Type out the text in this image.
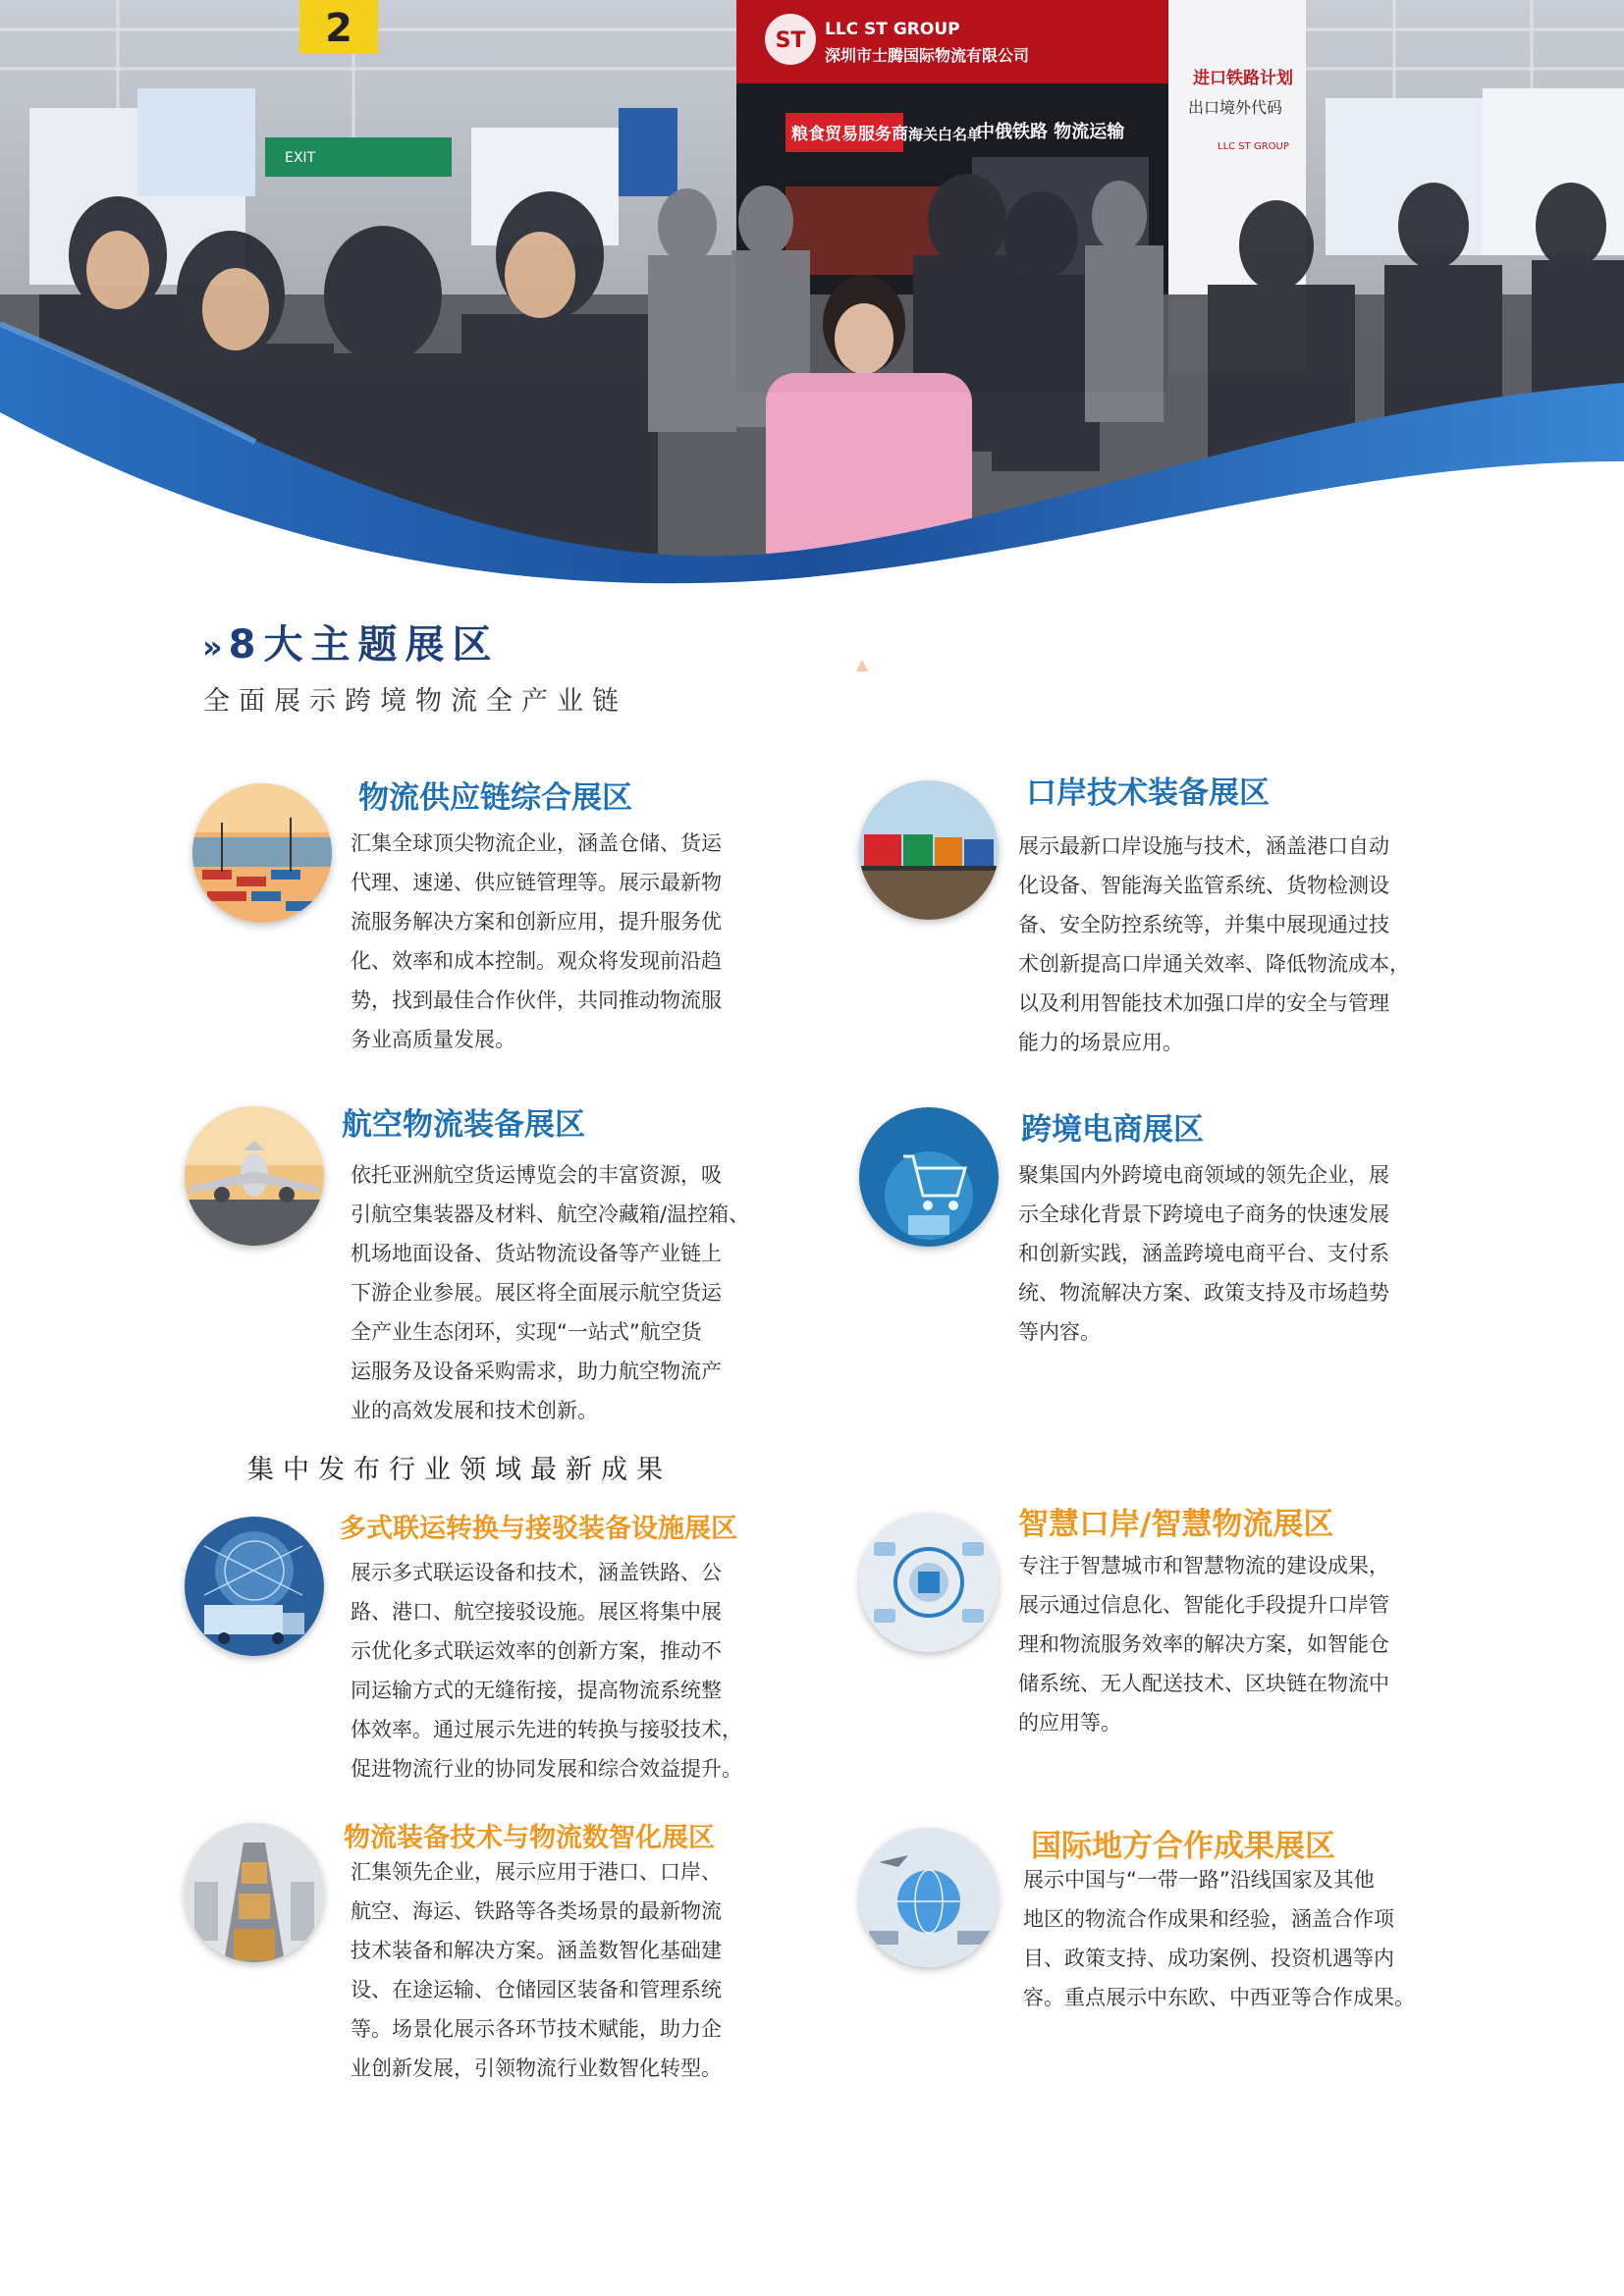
2
EXIT
ST LLC ST GROUP
深圳市士腾国际物流有限公司
粮食贸易服务商 海关白名单
中俄铁路 物流运输
进口铁路计划
出口境外代码
LLC ST GROUP
» 8大主题展区
全面展示跨境物流全产业链
物流供应链综合展区
汇集全球顶尖物流企业，涵盖仓储、货运
代理、速递、供应链管理等。展示最新物
流服务解决方案和创新应用，提升服务优
化、效率和成本控制。观众将发现前沿趋
势，找到最佳合作伙伴，共同推动物流服
务业高质量发展。
口岸技术装备展区
展示最新口岸设施与技术，涵盖港口自动
化设备、智能海关监管系统、货物检测设
备、安全防控系统等，并集中展现通过技
术创新提高口岸通关效率、降低物流成本，
以及利用智能技术加强口岸的安全与管理
能力的场景应用。
航空物流装备展区
依托亚洲航空货运博览会的丰富资源，吸
引航空集装器及材料、航空冷藏箱/温控箱、
机场地面设备、货站物流设备等产业链上
下游企业参展。展区将全面展示航空货运
全产业生态闭环，实现“一站式”航空货
运服务及设备采购需求，助力航空物流产
业的高效发展和技术创新。
跨境电商展区
聚集国内外跨境电商领域的领先企业，展
示全球化背景下跨境电子商务的快速发展
和创新实践，涵盖跨境电商平台、支付系
统、物流解决方案、政策支持及市场趋势
等内容。
集中发布行业领域最新成果
多式联运转换与接驳装备设施展区
展示多式联运设备和技术，涵盖铁路、公
路、港口、航空接驳设施。展区将集中展
示优化多式联运效率的创新方案，推动不
同运输方式的无缝衔接，提高物流系统整
体效率。通过展示先进的转换与接驳技术，
促进物流行业的协同发展和综合效益提升。
智慧口岸/智慧物流展区
专注于智慧城市和智慧物流的建设成果，
展示通过信息化、智能化手段提升口岸管
理和物流服务效率的解决方案，如智能仓
储系统、无人配送技术、区块链在物流中
的应用等。
物流装备技术与物流数智化展区
汇集领先企业，展示应用于港口、口岸、
航空、海运、铁路等各类场景的最新物流
技术装备和解决方案。涵盖数智化基础建
设、在途运输、仓储园区装备和管理系统
等。场景化展示各环节技术赋能，助力企
业创新发展，引领物流行业数智化转型。
国际地方合作成果展区
展示中国与“一带一路”沿线国家及其他
地区的物流合作成果和经验，涵盖合作项
目、政策支持、成功案例、投资机遇等内
容。重点展示中东欧、中西亚等合作成果。
